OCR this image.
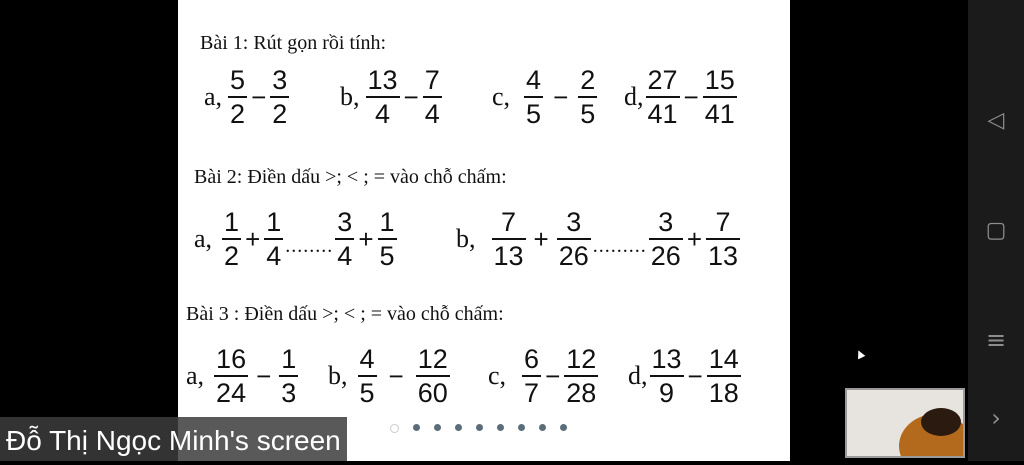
Bài 1: Rút gọn rồi tính:
a, $\frac{5}{2} - \frac{3}{2} b$, $\frac{13}{4} - \frac{7}{4} c$, $\frac{4}{5} - \frac{2}{5} d$, $\frac{27}{41} - \frac{15}{41}$
Bài 2: Điền dấu >; < ; = vào chỗ chấm:
a, $\frac{1}{2} + \frac{1}{4}$ ........ $\frac{3}{4} + \frac{1}{5} b$, $\frac{7}{13} + \frac{3}{26}$ ......... $\frac{3}{26} + \frac{7}{13}$
Bài 3 : Điền dấu >; < ; = vào chỗ chấm:
a, $\frac{16}{24} - \frac{1}{3} b$, $\frac{4}{5} - \frac{12}{60} c$, $\frac{6}{7} - \frac{12}{28} d$, $\frac{13}{9} - \frac{14}{18}$
◁
▢
≡
›
Đỗ Thị Ngọc Minh's screen
